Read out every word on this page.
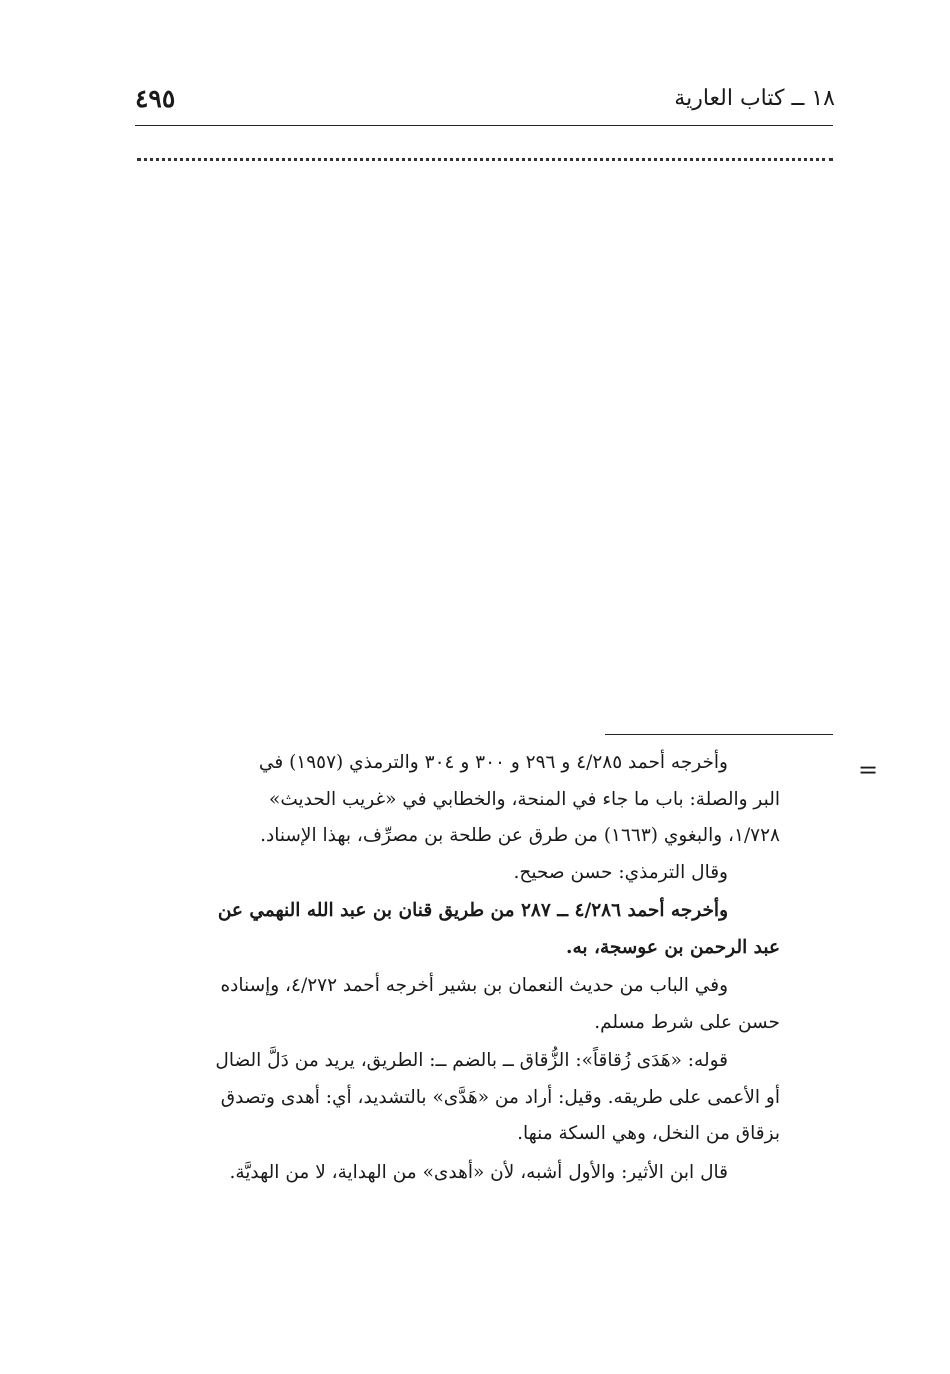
١٨ ــ كتاب العارية
٤٩٥
=
وأخرجه أحمد ٤/٢٨٥ و ٢٩٦ و ٣٠٠ و ٣٠٤ والترمذي (١٩٥٧) في
البر والصلة: باب ما جاء في المنحة، والخطابي في «غريب الحديث»
١/٧٢٨، والبغوي (١٦٦٣) من طرق عن طلحة بن مصرِّف، بهذا الإسناد.
وقال الترمذي: حسن صحيح.
وأخرجه أحمد ٤/٢٨٦ ــ ٢٨٧ من طريق قنان بن عبد الله النهمي عن
عبد الرحمن بن عوسجة، به.
وفي الباب من حديث النعمان بن بشير أخرجه أحمد ٤/٢٧٢، وإسناده
حسن على شرط مسلم.
قوله: «هَدَى زُقاقاً»: الزُّقاق ــ بالضم ــ: الطريق، يريد من دَلَّ الضال
أو الأعمى على طريقه. وقيل: أراد من «هَدَّى» بالتشديد، أي: أهدى وتصدق
بزقاق من النخل، وهي السكة منها.
قال ابن الأثير: والأول أشبه، لأن «أهدى» من الهداية، لا من الهديَّة.
